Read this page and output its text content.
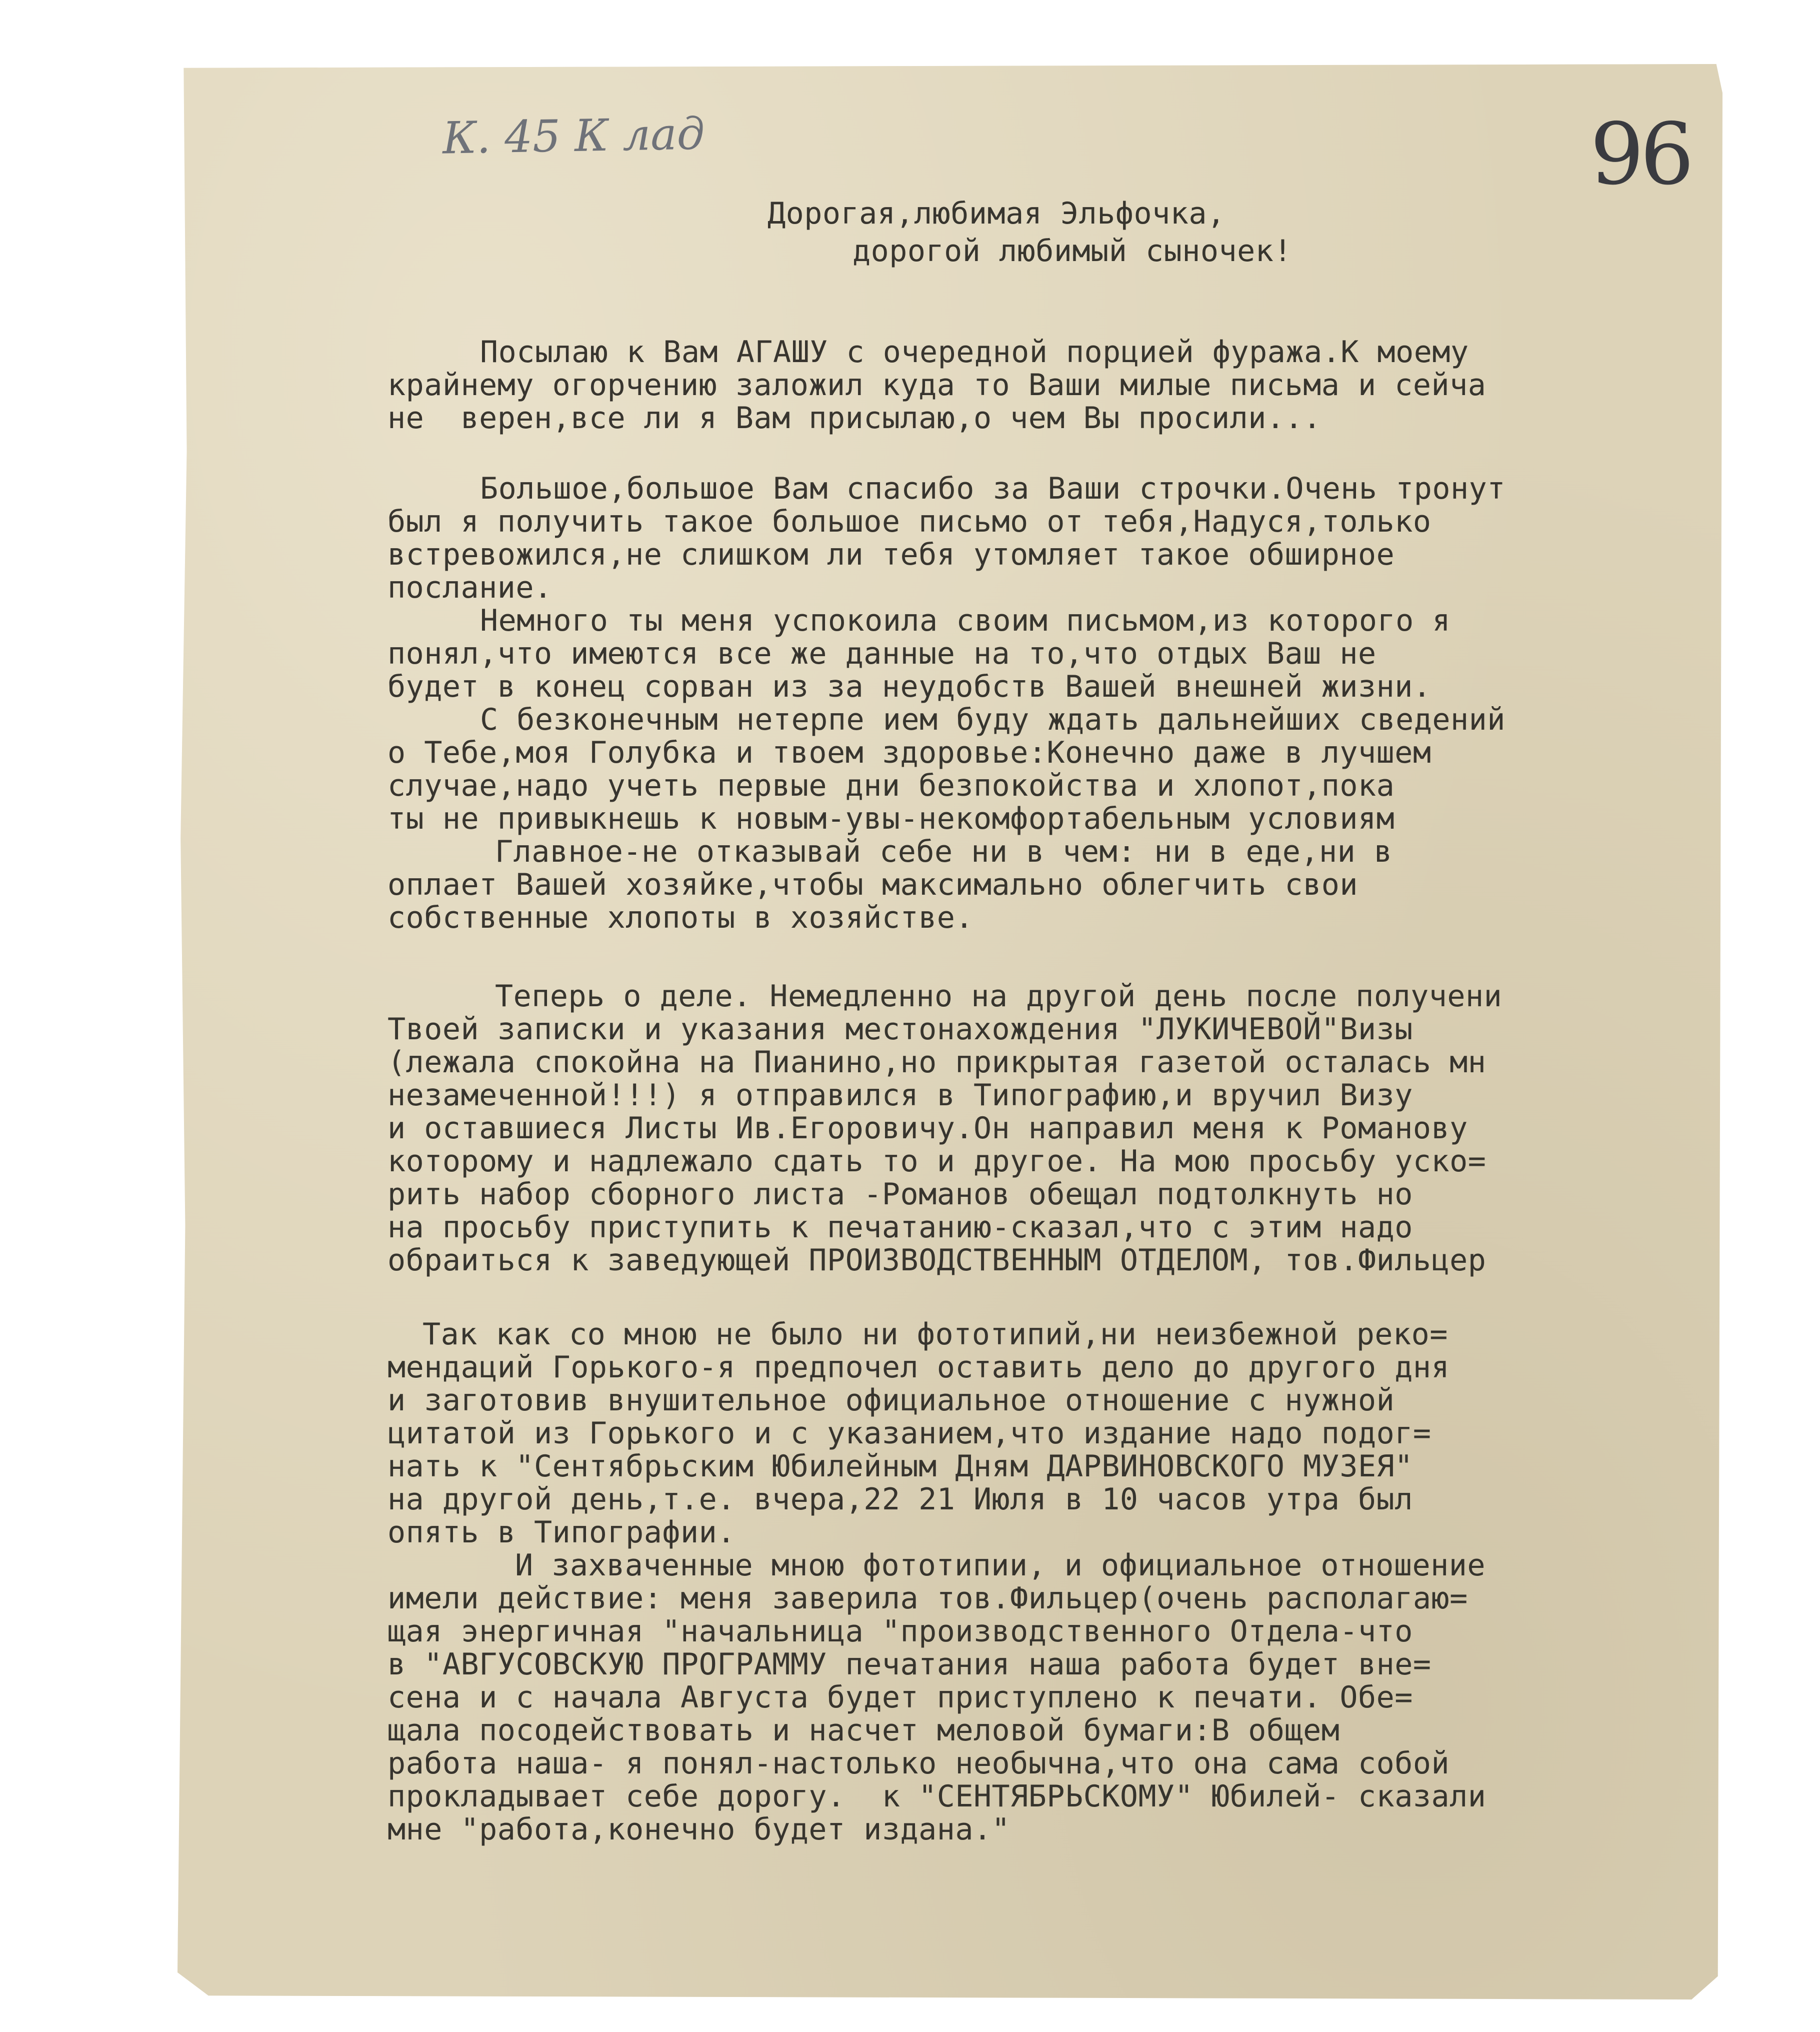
К. 45 К лад	96
Дорогая,любимая Эльфочка,
дорогой любимый сыночек!
Посылаю к Вам АГАШУ с очередной порцией фуража.К моему
крайнему огорчению заложил куда то Ваши милые письма и сейча
не  верен,все ли я Вам присылаю,о чем Вы просили...
Большое,большое Вам спасибо за Ваши строчки.Очень тронут
был я получить такое большое письмо от тебя,Надуся,только
встревожился,не слишком ли тебя утомляет такое обширное
послание.
Немного ты меня успокоила своим письмом,из которого я
понял,что имеются все же данные на то,что отдых Ваш не
будет в конец сорван из за неудобств Вашей внешней жизни.
С безконечным нетерпе ием буду ждать дальнейших сведений
о Тебе,моя Голубка и твоем здоровье:Конечно даже в лучшем
случае,надо учеть первые дни безпокойства и хлопот,пока
ты не привыкнешь к новым-увы-некомфортабельным условиям
Главное-не отказывай себе ни в чем: ни в еде,ни в
оплает Вашей хозяйке,чтобы максимально облегчить свои
собственные хлопоты в хозяйстве.
Теперь о деле. Немедленно на другой день после получени
Твоей записки и указания местонахождения "ЛУКИЧЕВОЙ"Визы
(лежала спокойна на Пианино,но прикрытая газетой осталась мн
незамеченной!!!) я отправился в Типографию,и вручил Визу
и оставшиеся Листы Ив.Егоровичу.Он направил меня к Романову
которому и надлежало сдать то и другое. На мою просьбу уско=
рить набор сборного листа -Романов обещал подтолкнуть но
на просьбу приступить к печатанию-сказал,что с этим надо
обраиться к заведующей ПРОИЗВОДСТВЕННЫМ ОТДЕЛОМ, тов.Фильцер
Так как со мною не было ни фототипий,ни неизбежной реко=
мендаций Горького-я предпочел оставить дело до другого дня
и заготовив внушительное официальное отношение с нужной
цитатой из Горького и с указанием,что издание надо подог=
нать к "Сентябрьским Юбилейным Дням ДАРВИНОВСКОГО МУЗЕЯ"
на другой день,т.е. вчера,22 21 Июля в 10 часов утра был
опять в Типографии.
И захваченные мною фототипии, и официальное отношение
имели действие: меня заверила тов.Фильцер(очень располагаю=
щая энергичная "начальница "производственного Отдела-что
в "АВГУСОВСКУЮ ПРОГРАММУ печатания наша работа будет вне=
сена и с начала Августа будет приступлено к печати. Обе=
щала посодействовать и насчет меловой бумаги:В общем
работа наша- я понял-настолько необычна,что она сама собой
прокладывает себе дорогу.  к "СЕНТЯБРЬСКОМУ" Юбилей- сказали
мне "работа,конечно будет издана."
